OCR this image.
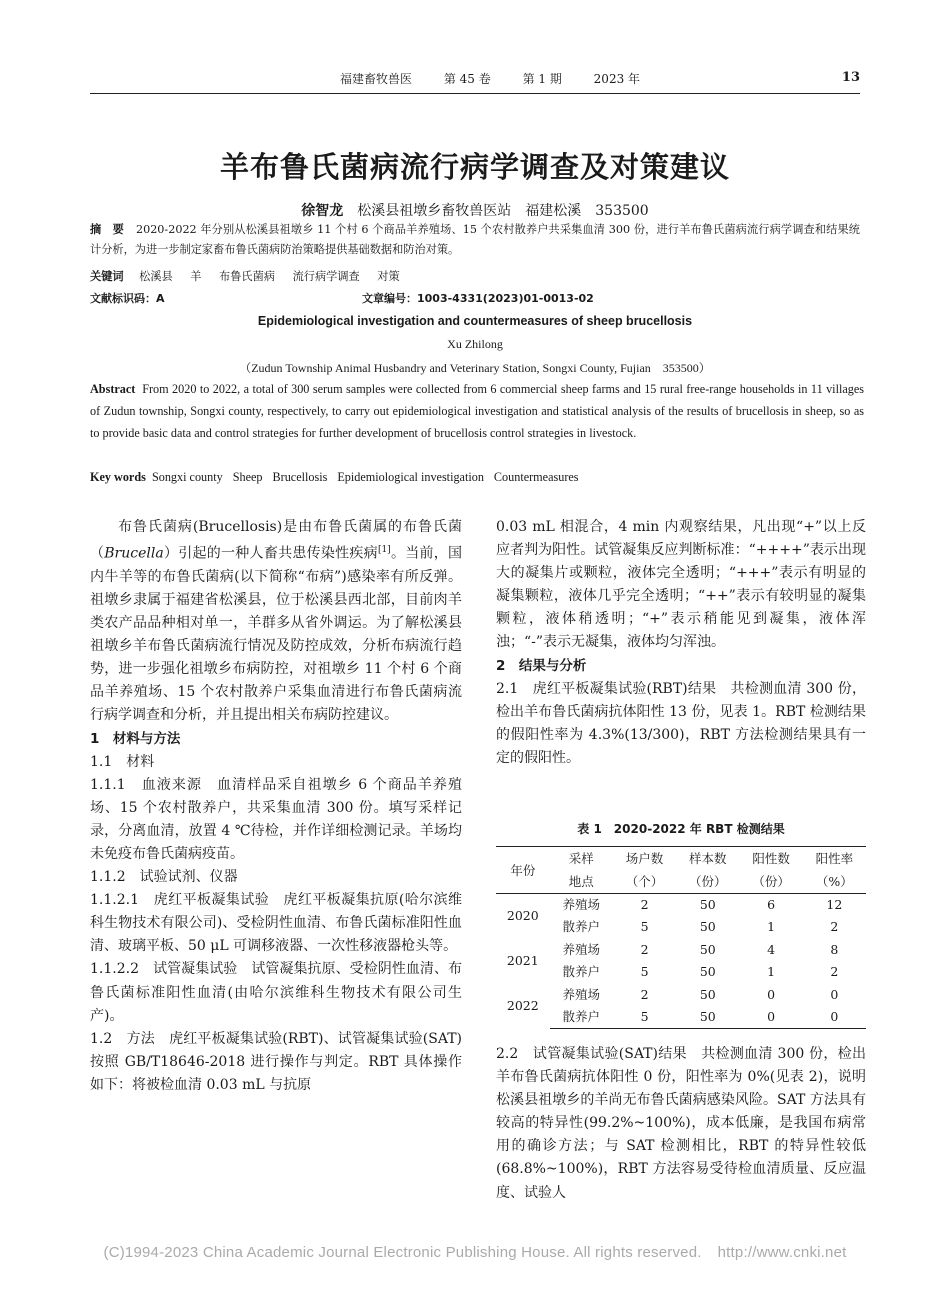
福建畜牧兽医	第 45 卷	第 1 期	2023 年	13
羊布鲁氏菌病流行病学调查及对策建议
徐智龙 松溪县祖墩乡畜牧兽医站　 福建松溪　 353500
摘　要 2020-2022 年分别从松溪县祖墩乡 11 个村 6 个商品羊养殖场、15 个农村散养户共采集血清 300 份，进行羊布鲁氏菌病流行病学调查和结果统计分析，为进一步制定家畜布鲁氏菌病防治策略提供基础数据和防治对策。
关键词 松溪县 羊 布鲁氏菌病 流行病学调查 对策
文献标识码：A	文章编号：1003-4331(2023)01-0013-02
Epidemiological investigation and countermeasures of sheep brucellosis
Xu Zhilong
（Zudun Township Animal Husbandry and Veterinary Station, Songxi County, Fujian　353500）
Abstract From 2020 to 2022, a total of 300 serum samples were collected from 6 commercial sheep farms and 15 rural free-range households in 11 villages of Zudun township, Songxi county, respectively, to carry out epidemiological investigation and statistical analysis of the results of brucellosis in sheep, so as to provide basic data and control strategies for further development of brucellosis control strategies in livestock.
Key words Songxi county Sheep Brucellosis Epidemiological investigation Countermeasures

布鲁氏菌病(Brucellosis)是由布鲁氏菌属的布鲁氏菌（Brucella）引起的一种人畜共患传染性疾病[1]。当前，国内牛羊等的布鲁氏菌病(以下简称“布病”)感染率有所反弹。祖墩乡隶属于福建省松溪县，位于松溪县西北部，目前肉羊类农产品品种相对单一，羊群多从省外调运。为了解松溪县祖墩乡羊布鲁氏菌病流行情况及防控成效，分析布病流行趋势，进一步强化祖墩乡布病防控，对祖墩乡 11 个村 6 个商品羊养殖场、15 个农村散养户采集血清进行布鲁氏菌病流行病学调查和分析，并且提出相关布病防控建议。

1　材料与方法

1.1　材料

1.1.1　血液来源　血清样品采自祖墩乡 6 个商品羊养殖场、15 个农村散养户，共采集血清 300 份。填写采样记录，分离血清，放置 4 ℃待检，并作详细检测记录。羊场均未免疫布鲁氏菌病疫苗。

1.1.2　试验试剂、仪器

1.1.2.1　虎红平板凝集试验　虎红平板凝集抗原(哈尔滨维科生物技术有限公司)、受检阴性血清、布鲁氏菌标准阳性血清、玻璃平板、50 μL 可调移液器、一次性移液器枪头等。

1.1.2.2　试管凝集试验　试管凝集抗原、受检阴性血清、布鲁氏菌标准阳性血清(由哈尔滨维科生物技术有限公司生产)。

1.2　方法　虎红平板凝集试验(RBT)、试管凝集试验(SAT)按照 GB/T18646-2018 进行操作与判定。RBT 具体操作如下：将被检血清 0.03 mL 与抗原

0.03 mL 相混合，4 min 内观察结果，凡出现“+”以上反应者判为阳性。试管凝集反应判断标准：“++++”表示出现大的凝集片或颗粒，液体完全透明；“+++”表示有明显的凝集颗粒，液体几乎完全透明；“++”表示有较明显的凝集颗粒，液体稍透明；“+”表示稍能见到凝集，液体浑浊；“-”表示无凝集，液体均匀浑浊。

2　结果与分析

2.1　虎红平板凝集试验(RBT)结果　共检测血清 300 份，检出羊布鲁氏菌病抗体阳性 13 份，见表 1。RBT 检测结果的假阳性率为 4.3%(13/300)，RBT 方法检测结果具有一定的假阳性。

表 1　2020-2022 年 RBT 检测结果
年份	采样	场户数	样本数	阳性数	阳性率
	地点	（个）	（份）	（份）	（%）
2020	养殖场	2	50	6	12
	散养户	5	50	1	2
2021	养殖场	2	50	4	8
	散养户	5	50	1	2
2022	养殖场	2	50	0	0
	散养户	5	50	0	0

2.2　试管凝集试验(SAT)结果　共检测血清 300 份，检出羊布鲁氏菌病抗体阳性 0 份，阳性率为 0%(见表 2)，说明松溪县祖墩乡的羊尚无布鲁氏菌病感染风险。SAT 方法具有较高的特异性(99.2%~100%)，成本低廉，是我国布病常用的确诊方法；与 SAT 检测相比，RBT 的特异性较低(68.8%~100%)，RBT 方法容易受待检血清质量、反应温度、试验人

(C)1994-2023 China Academic Journal Electronic Publishing House. All rights reserved. http://www.cnki.net
